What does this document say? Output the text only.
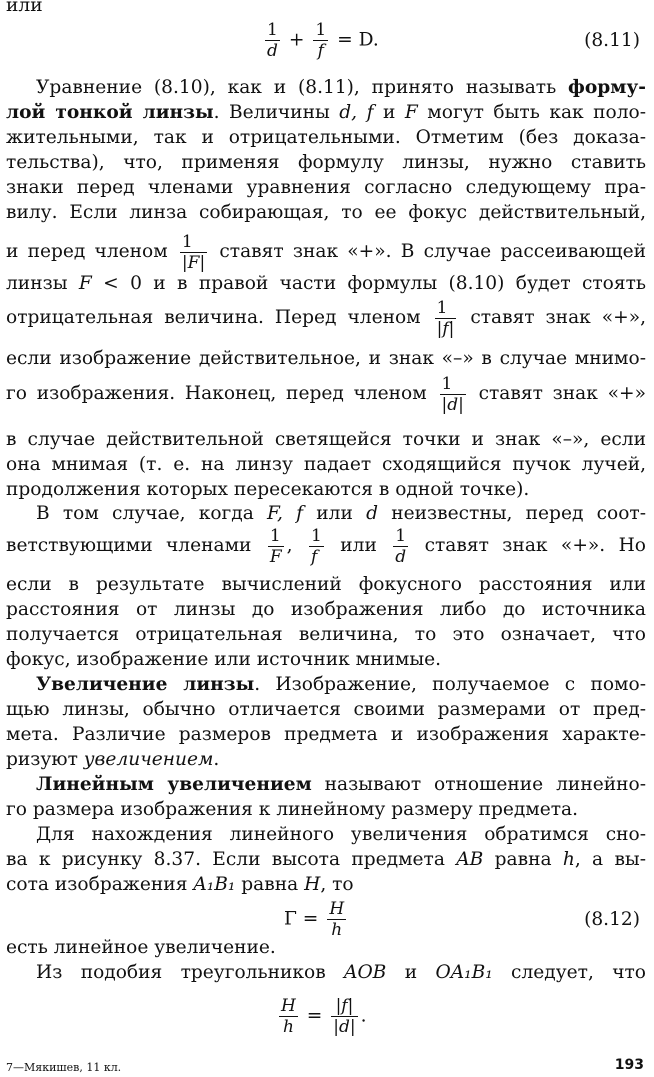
или
$\frac{1}{d} + \frac{1}{f} = D$.	(8.11)
Уравнение (8.10), как и (8.11), принято называть форму-
лой тонкой линзы. Величины d, f и F могут быть как поло-
жительными, так и отрицательными. Отметим (без доказа-
тельства), что, применяя формулу линзы, нужно ставить
знаки перед членами уравнения согласно следующему пра-
вилу. Если линза собирающая, то ее фокус действительный,
и перед членом $\frac{1}{|F|}$ ставят знак «+». В случае рассеивающей
линзы F < 0 и в правой части формулы (8.10) будет стоять
отрицательная величина. Перед членом $\frac{1}{|f|}$ ставят знак «+»,
если изображение действительное, и знак «–» в случае мнимо-
го изображения. Наконец, перед членом $\frac{1}{|d|}$ ставят знак «+»
в случае действительной светящейся точки и знак «–», если
она мнимая (т. е. на линзу падает сходящийся пучок лучей,
продолжения которых пересекаются в одной точке).
В том случае, когда F, f или d неизвестны, перед соот-
ветствующими членами $\frac{1}{F}$ , $\frac{1}{f}$ или $\frac{1}{d}$ ставят знак «+». Но
если в результате вычислений фокусного расстояния или
расстояния от линзы до изображения либо до источника
получается отрицательная величина, то это означает, что
фокус, изображение или источник мнимые.
Увеличение линзы. Изображение, получаемое с помо-
щью линзы, обычно отличается своими размерами от пред-
мета. Различие размеров предмета и изображения характе-
ризуют увеличением.
Линейным увеличением называют отношение линейно-
го размера изображения к линейному размеру предмета.
Для нахождения линейного увеличения обратимся сно-
ва к рисунку 8.37. Если высота предмета AB равна h, а вы-
сота изображения A₁B₁ равна H, то
$\Gamma = \frac{H}{h}$	(8.12)
есть линейное увеличение.
Из подобия треугольников AOB и OA₁B₁ следует, что
$\frac{H}{h} = \frac{|f|}{|d|}$ .
7—Мякишев, 11 кл.	193
